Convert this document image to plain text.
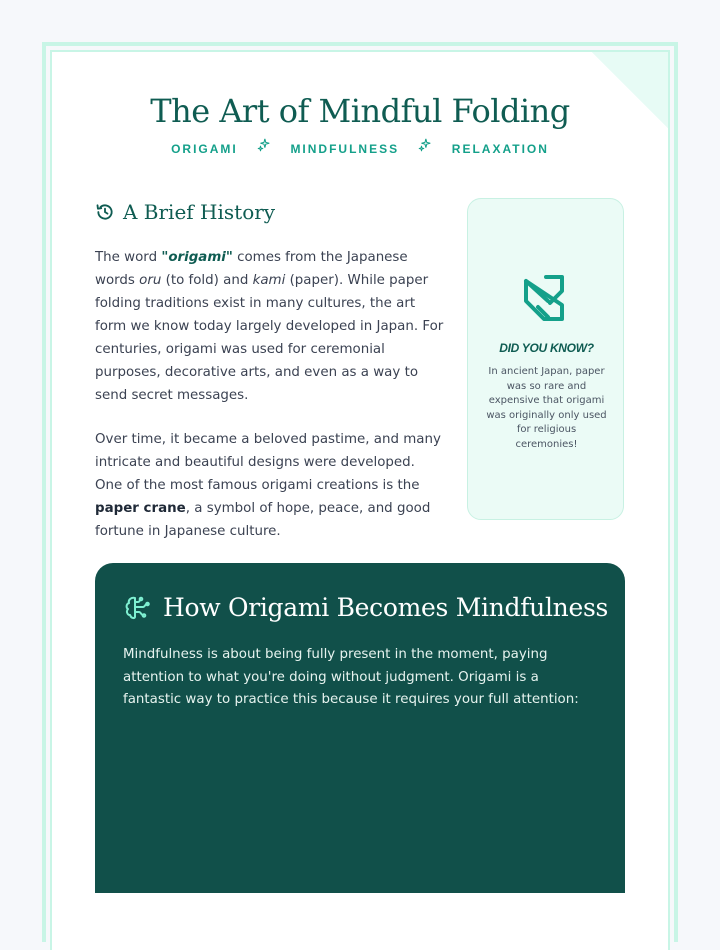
The Art of Mindful Folding
ORIGAMI	MINDFULNESS	RELAXATION
A Brief History

The word "origami" comes from the Japanese words oru (to fold) and kami (paper). While paper folding traditions exist in many cultures, the art form we know today largely developed in Japan. For centuries, origami was used for ceremonial purposes, decorative arts, and even as a way to send secret messages.

Over time, it became a beloved pastime, and many intricate and beautiful designs were developed. One of the most famous origami creations is the paper crane, a symbol of hope, peace, and good fortune in Japanese culture.

DID YOU KNOW?
In ancient Japan, paper was so rare and expensive that origami was originally only used for religious ceremonies!
How Origami Becomes Mindfulness
Mindfulness is about being fully present in the moment, paying attention to what you're doing without judgment. Origami is a fantastic way to practice this because it requires your full attention:
